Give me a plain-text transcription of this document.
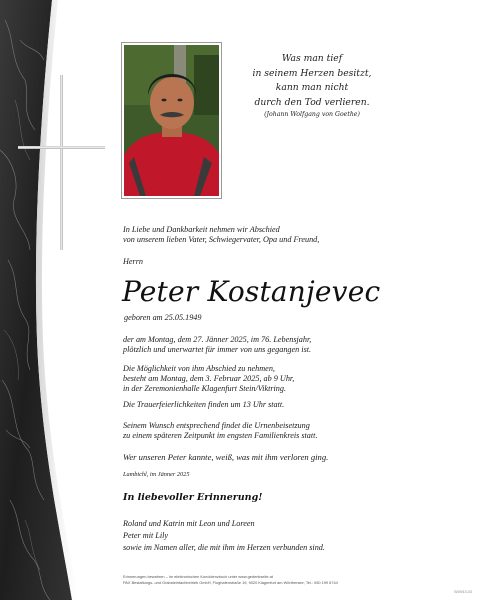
Was man tief
in seinem Herzen besitzt,
kann man nicht
durch den Tod verlieren.
(Johann Wolfgang von Goethe)
In Liebe und Dankbarkeit nehmen wir Abschied
von unserem lieben Vater, Schwiegervater, Opa und Freund,
Herrn
Peter Kostanjevec
geboren am 25.05.1949
der am Montag, dem 27. Jänner 2025, im 76. Lebensjahr,
plötzlich und unerwartet für immer von uns gegangen ist.
Die Möglichkeit von ihm Abschied zu nehmen,
besteht am Montag, dem 3. Februar 2025, ab 9 Uhr,
in der Zeremonienhalle Klagenfurt Stein/Viktring.
Die Trauerfeierlichkeiten finden um 13 Uhr statt.
Seinem Wunsch entsprechend findet die Urnenbeisetzung
zu einem späteren Zeitpunkt im engsten Familienkreis statt.
Wer unseren Peter kannte, weiß, was mit ihm verloren ging.
Lambichl, im Jänner 2025
In liebevoller Erinnerung!
Roland und Katrin mit Leon und Loreen
Peter mit Lily
sowie im Namen aller, die mit ihm im Herzen verbunden sind.
Erinnerungen bewahren – Im elektronischen Kondolenzbuch unter www.gedenkseite.at
PAX Bestattungs- und Grabsteinfachbetrieb GmbH, Flughafenstraße 19, 9020 Klagenfurt am Wörthersee, Tel.: 050 199 6744
B/09/10-03
